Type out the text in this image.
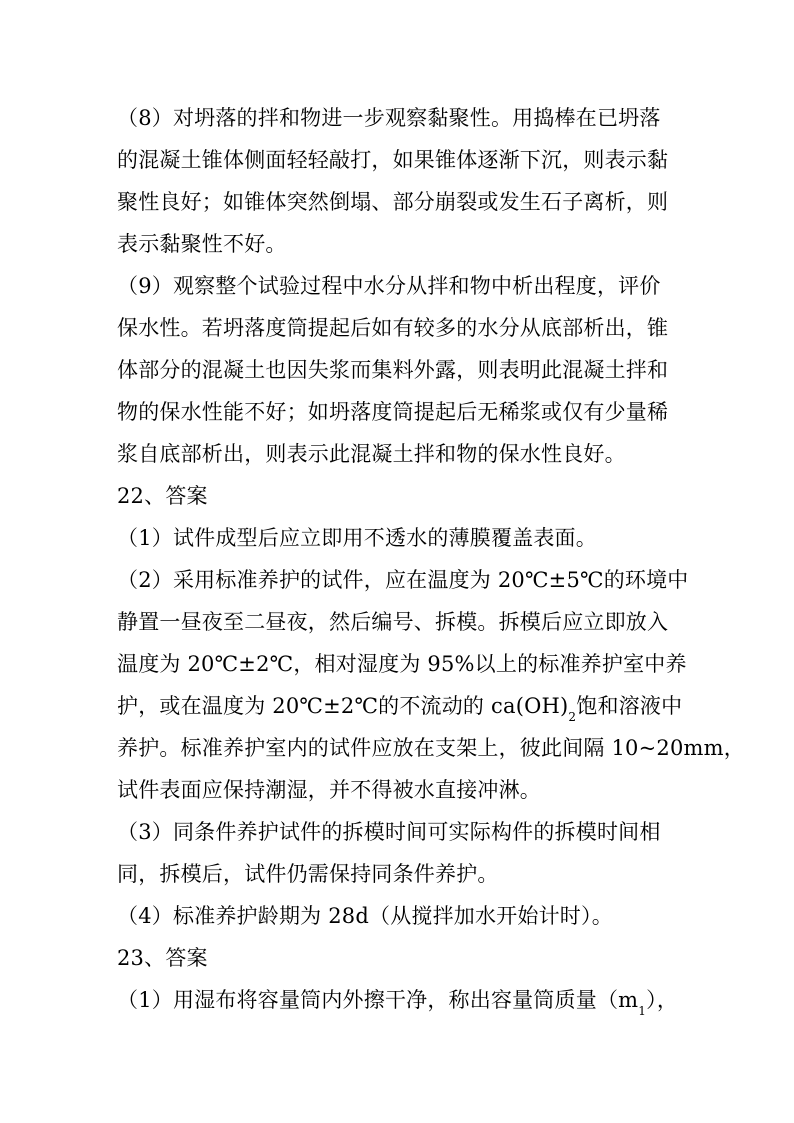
（8）对坍落的拌和物进一步观察黏聚性。用捣棒在已坍落
的混凝土锥体侧面轻轻敲打，如果锥体逐渐下沉，则表示黏
聚性良好；如锥体突然倒塌、部分崩裂或发生石子离析，则
表示黏聚性不好。
（9）观察整个试验过程中水分从拌和物中析出程度，评价
保水性。若坍落度筒提起后如有较多的水分从底部析出，锥
体部分的混凝土也因失浆而集料外露，则表明此混凝土拌和
物的保水性能不好；如坍落度筒提起后无稀浆或仅有少量稀
浆自底部析出，则表示此混凝土拌和物的保水性良好。
22、答案
（1）试件成型后应立即用不透水的薄膜覆盖表面。
（2）采用标准养护的试件，应在温度为 20℃±5℃的环境中
静置一昼夜至二昼夜，然后编号、拆模。拆模后应立即放入
温度为 20℃±2℃，相对湿度为 95%以上的标准养护室中养
护，或在温度为 20℃±2℃的不流动的 $ca(OH)_2$饱和溶液中
养护。标准养护室内的试件应放在支架上，彼此间隔 10~20mm，
试件表面应保持潮湿，并不得被水直接冲淋。
（3）同条件养护试件的拆模时间可实际构件的拆模时间相
同，拆模后，试件仍需保持同条件养护。
（4）标准养护龄期为 28d（从搅拌加水开始计时）。
23、答案
（1）用湿布将容量筒内外擦干净，称出容量筒质量$(m_1)$，
